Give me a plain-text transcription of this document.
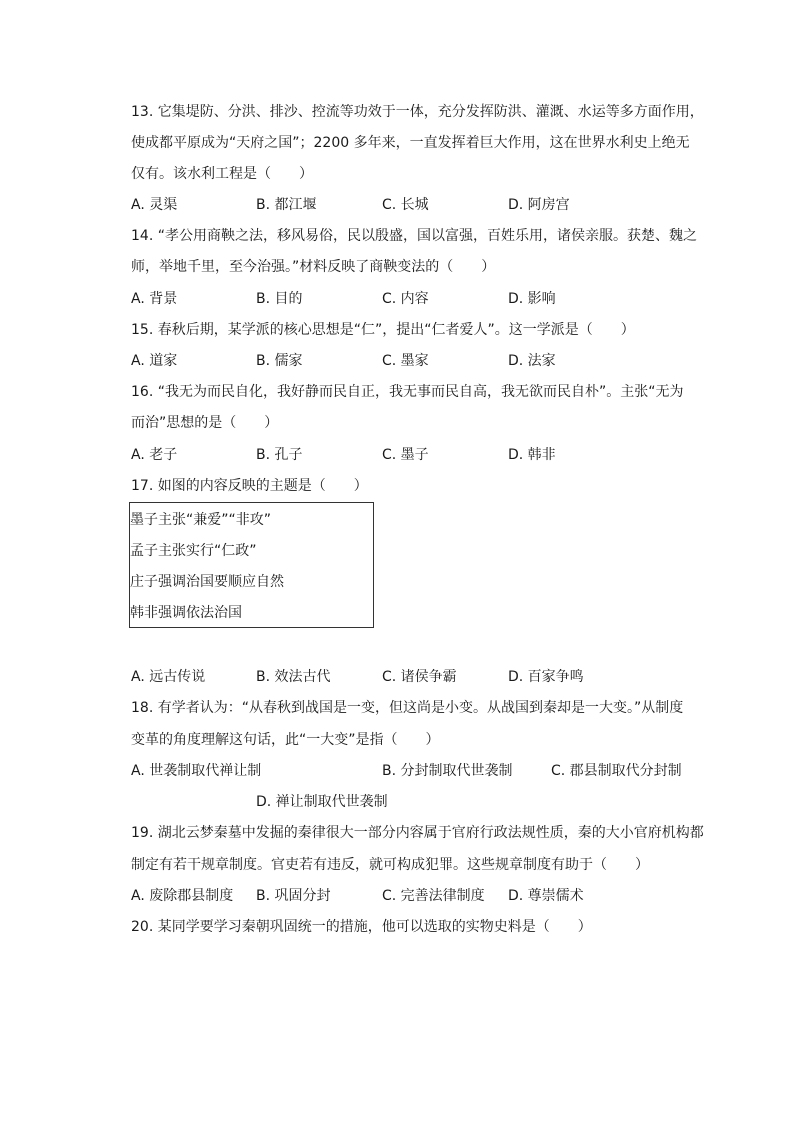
13. 它集堤防、分洪、排沙、控流等功效于一体，充分发挥防洪、灌溉、水运等多方面作用，
使成都平原成为“天府之国”；2200 多年来，一直发挥着巨大作用，这在世界水利史上绝无
仅有。该水利工程是（　　）
A. 灵渠	B. 都江堰	C. 长城	D. 阿房宫
14. “孝公用商鞅之法，移风易俗，民以殷盛，国以富强，百姓乐用，诸侯亲服。获楚、魏之
师，举地千里，至今治强。”材料反映了商鞅变法的（　　）
A. 背景	B. 目的	C. 内容	D. 影响
15. 春秋后期，某学派的核心思想是“仁”，提出“仁者爱人”。这一学派是（　　）
A. 道家	B. 儒家	C. 墨家	D. 法家
16. “我无为而民自化，我好静而民自正，我无事而民自高，我无欲而民自朴”。主张“无为
而治”思想的是（　　）
A. 老子	B. 孔子	C. 墨子	D. 韩非
17. 如图的内容反映的主题是（　　）
墨子主张“兼爱”“非攻”
孟子主张实行“仁政”
庄子强调治国要顺应自然
韩非强调依法治国
A. 远古传说	B. 效法古代	C. 诸侯争霸	D. 百家争鸣
18. 有学者认为：“从春秋到战国是一变，但这尚是小变。从战国到秦却是一大变。”从制度
变革的角度理解这句话，此“一大变”是指（　　）
A. 世袭制取代禅让制	B. 分封制取代世袭制	C. 郡县制取代分封制
D. 禅让制取代世袭制
19. 湖北云梦秦墓中发掘的秦律很大一部分内容属于官府行政法规性质，秦的大小官府机构都
制定有若干规章制度。官吏若有违反，就可构成犯罪。这些规章制度有助于（　　）
A. 废除郡县制度 B. 巩固分封	C. 完善法律制度 D. 尊崇儒术
20. 某同学要学习秦朝巩固统一的措施，他可以选取的实物史料是（　　）
